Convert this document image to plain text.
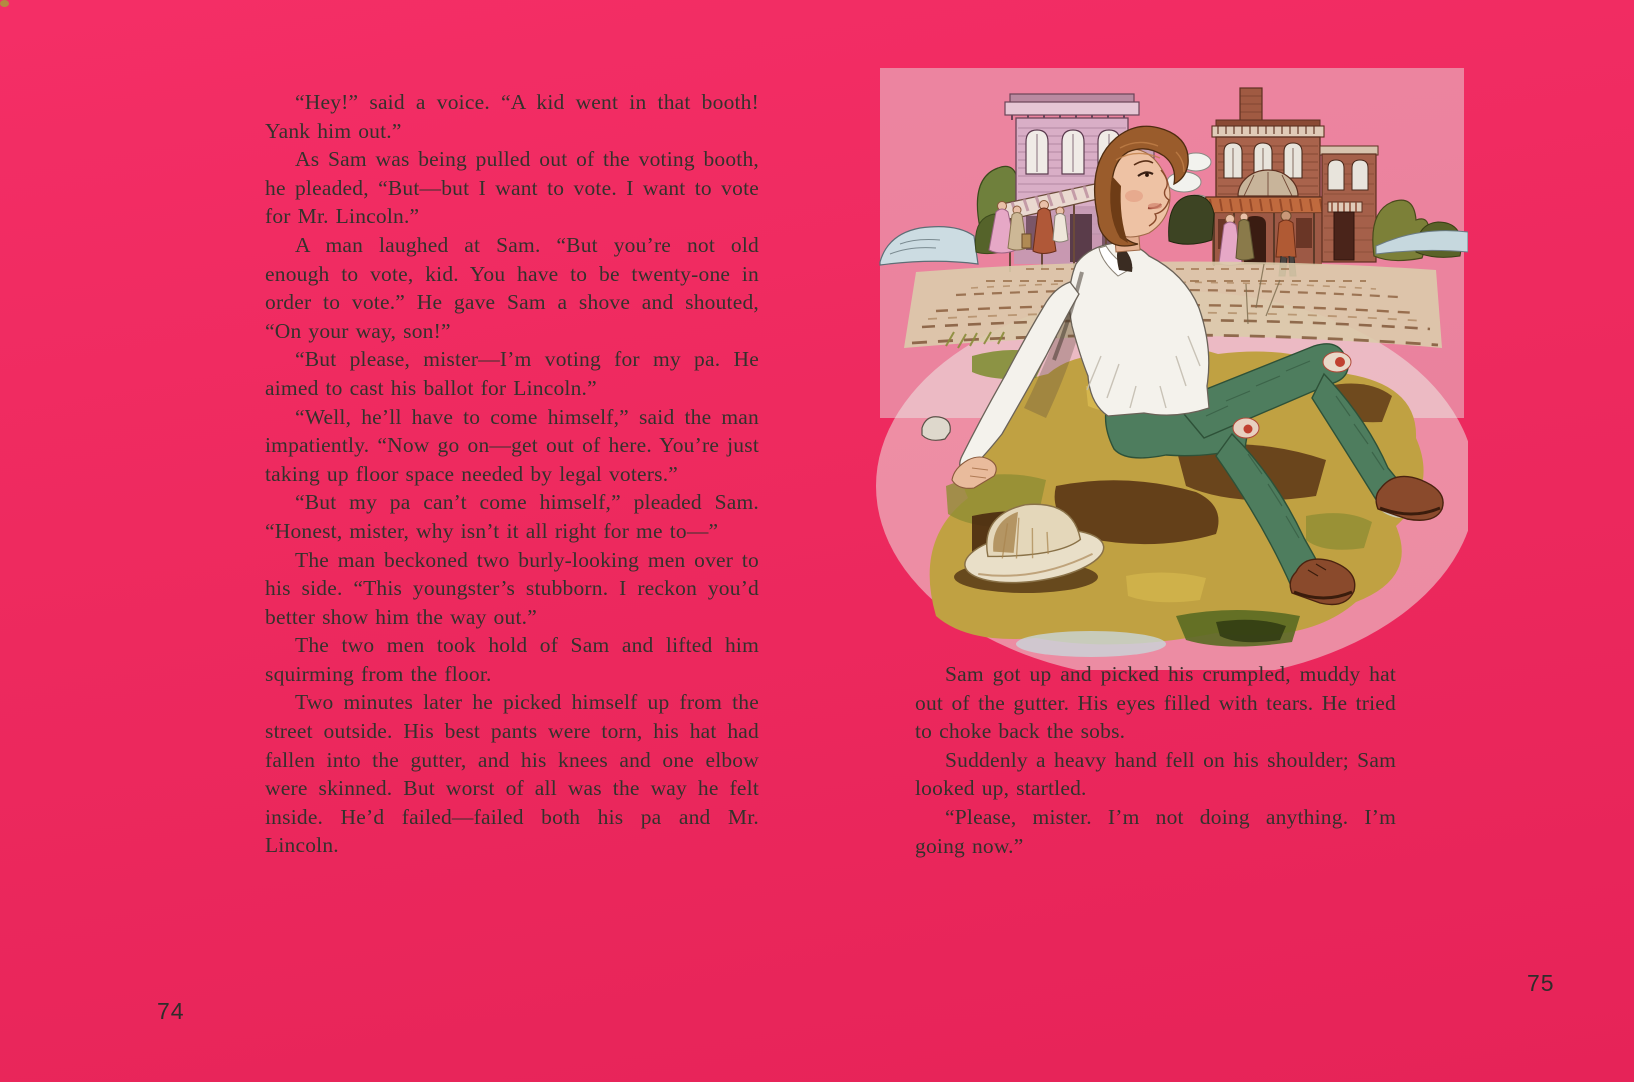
“Hey!” said a voice. “A kid went in that booth! Yank him out.”

As Sam was being pulled out of the voting booth, he pleaded, “But—but I want to vote. I want to vote for Mr. Lincoln.”

A man laughed at Sam. “But you’re not old enough to vote, kid. You have to be twenty-one in order to vote.” He gave Sam a shove and shouted, “On your way, son!”

“But please, mister—I’m voting for my pa. He aimed to cast his ballot for Lincoln.”

“Well, he’ll have to come himself,” said the man impatiently. “Now go on—get out of here. You’re just taking up floor space needed by legal voters.”

“But my pa can’t come himself,” pleaded Sam. “Honest, mister, why isn’t it all right for me to—”

The man beckoned two burly-looking men over to his side. “This youngster’s stubborn. I reckon you’d better show him the way out.”

The two men took hold of Sam and lifted him squirming from the floor.

Two minutes later he picked himself up from the street outside. His best pants were torn, his hat had fallen into the gutter, and his knees and one elbow were skinned. But worst of all was the way he felt inside. He’d failed—failed both his pa and Mr. Lincoln.

Sam got up and picked his crumpled, muddy hat out of the gutter. His eyes filled with tears. He tried to choke back the sobs.

Suddenly a heavy hand fell on his shoulder; Sam looked up, startled.

“Please, mister. I’m not doing anything. I’m going now.”

74
75
